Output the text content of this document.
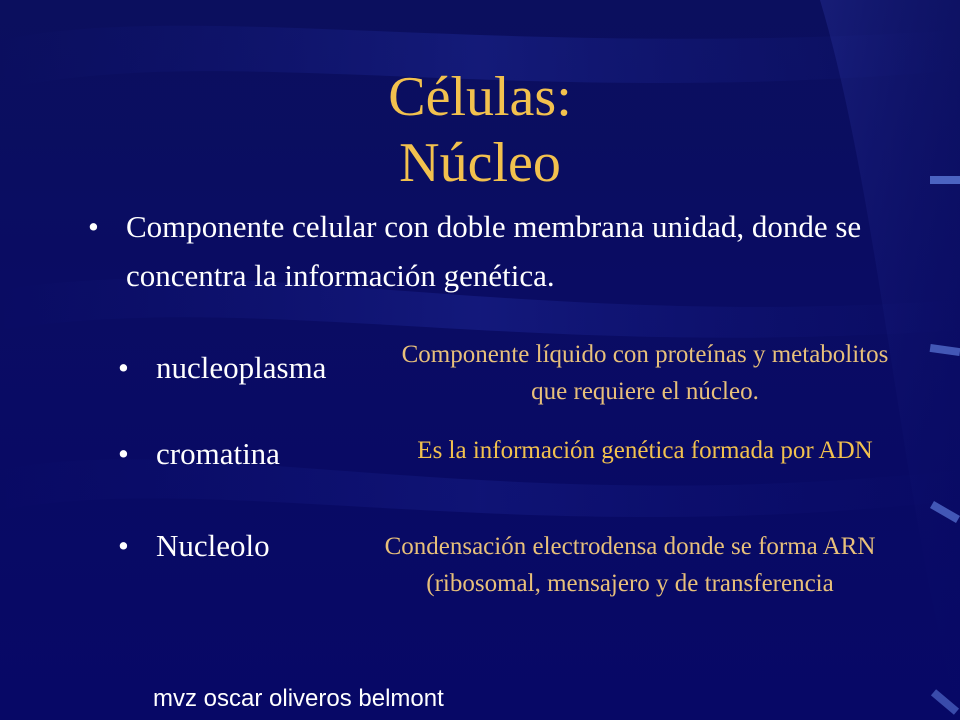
Células:
Núcleo
• Componente celular con doble membrana unidad, donde se concentra la información genética.
• nucleoplasma	Componente líquido con proteínas y metabolitos que requiere el núcleo.
• cromatina	Es la información genética formada por ADN
• Nucleolo	Condensación electrodensa donde se forma ARN (ribosomal, mensajero y de transferencia
mvz oscar oliveros belmont
